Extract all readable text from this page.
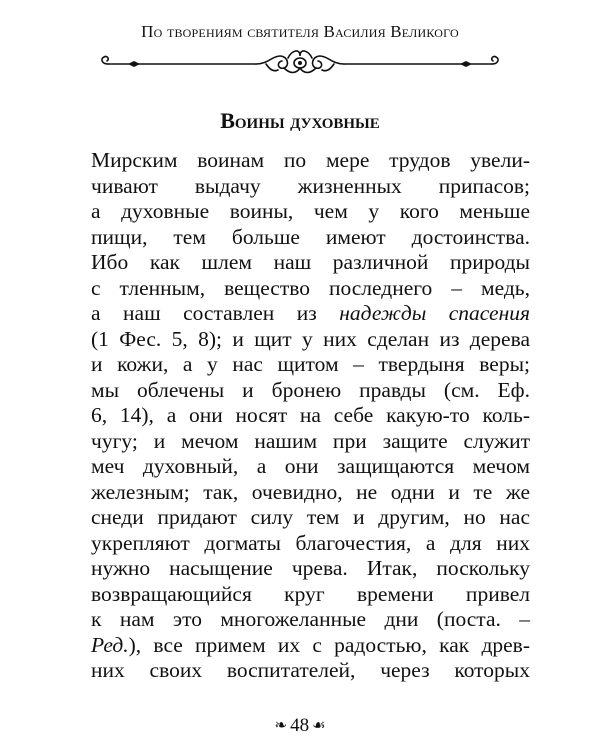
По творениям святителя Василия Великого
Воины духовные
Мирским воинам по мере трудов увели-
чивают выдачу жизненных припасов;
а духовные воины, чем у кого меньше
пищи, тем больше имеют достоинства.
Ибо как шлем наш различной природы
с тленным, вещество последнего – медь,
а наш составлен из надежды спасения
(1 Фес. 5, 8); и щит у них сделан из дерева
и кожи, а у нас щитом – твердыня веры;
мы облечены и бронею правды (см. Еф.
6, 14), а они носят на себе какую-то коль-
чугу; и мечом нашим при защите служит
меч духовный, а они защищаются мечом
железным; так, очевидно, не одни и те же
снеди придают силу тем и другим, но нас
укрепляют догматы благочестия, а для них
нужно насыщение чрева. Итак, поскольку
возвращающийся круг времени привел
к нам это многожеланные дни (поста. –
Ред.), все примем их с радостью, как древ-
них своих воспитателей, через которых
❧ 48 ☙
